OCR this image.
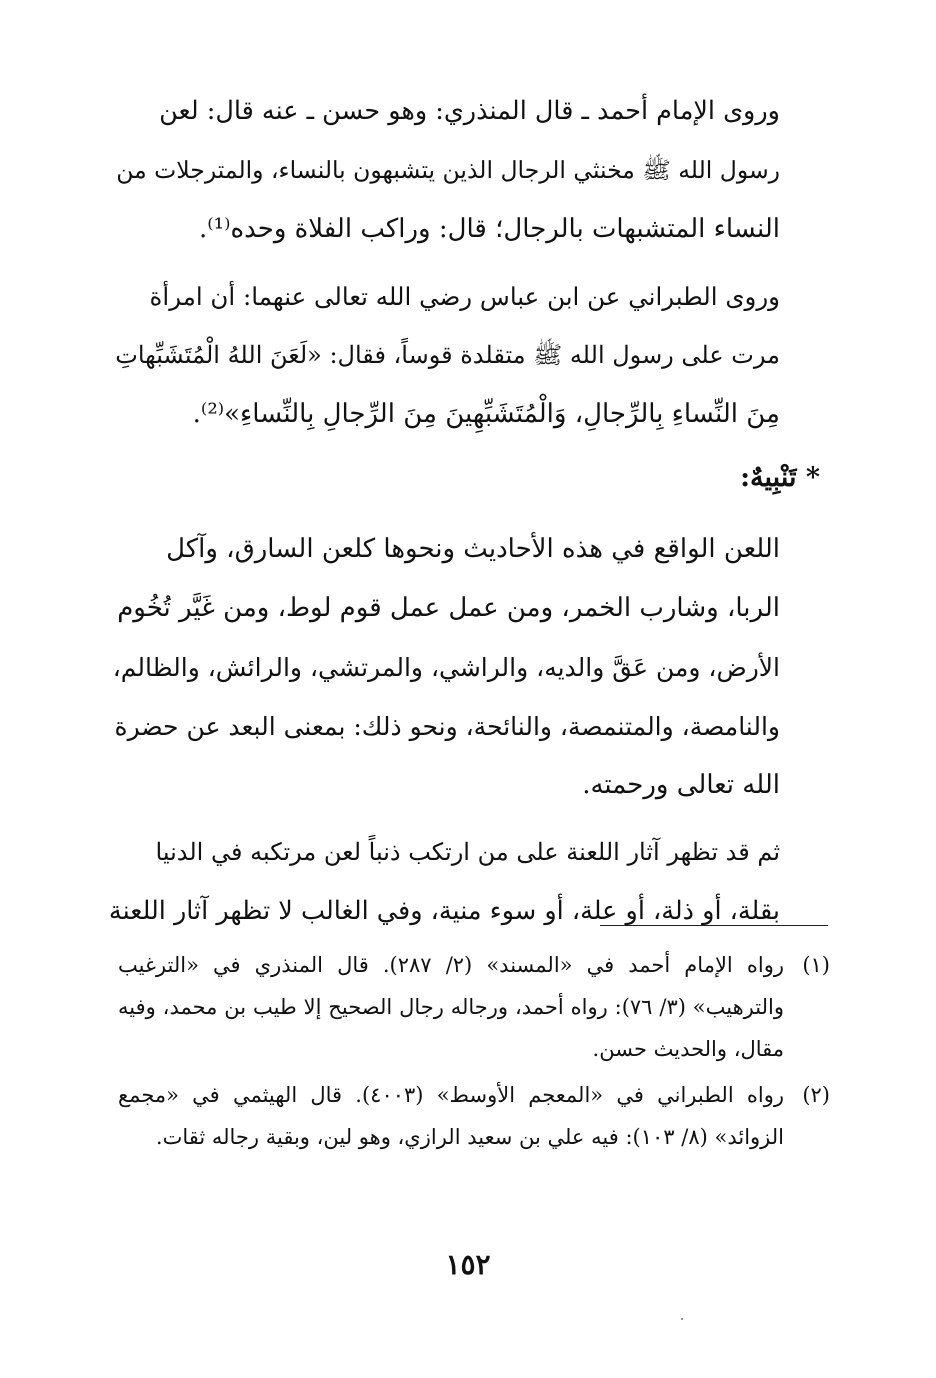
وروى الإمام أحمد ـ قال المنذري: وهو حسن ـ عنه قال: لعن
رسول الله ﷺ مخنثي الرجال الذين يتشبهون بالنساء، والمترجلات من
النساء المتشبهات بالرجال؛ قال: وراكب الفلاة وحده⁽¹⁾.

وروى الطبراني عن ابن عباس رضي الله تعالى عنهما: أن امرأة
مرت على رسول الله ﷺ متقلدة قوساً، فقال: «لَعَنَ اللهُ الْمُتَشَبِّهاتِ
مِنَ النِّساءِ بِالرِّجالِ، وَالْمُتَشَبِّهِينَ مِنَ الرِّجالِ بِالنِّساءِ»⁽²⁾.

* تَنْبِيهٌ:

اللعن الواقع في هذه الأحاديث ونحوها كلعن السارق، وآكل
الربا، وشارب الخمر، ومن عمل عمل قوم لوط، ومن غَيَّر تُخُوم
الأرض، ومن عَقَّ والديه، والراشي، والمرتشي، والرائش، والظالم،
والنامصة، والمتنمصة، والنائحة، ونحو ذلك: بمعنى البعد عن حضرة
الله تعالى ورحمته.

ثم قد تظهر آثار اللعنة على من ارتكب ذنباً لعن مرتكبه في الدنيا
بقلة، أو ذلة، أو علة، أو سوء منية، وفي الغالب لا تظهر آثار اللعنة

(١)
رواه الإمام أحمد في «المسند» (٢/ ٢٨٧). قال المنذري في «الترغيب والترهيب» (٣/ ٧٦): رواه أحمد، ورجاله رجال الصحيح إلا طيب بن محمد، وفيه مقال، والحديث حسن.
(٢)
رواه الطبراني في «المعجم الأوسط» (٤٠٠٣). قال الهيثمي في «مجمع الزوائد» (٨/ ١٠٣): فيه علي بن سعيد الرازي، وهو لين، وبقية رجاله ثقات.
١٥٢
